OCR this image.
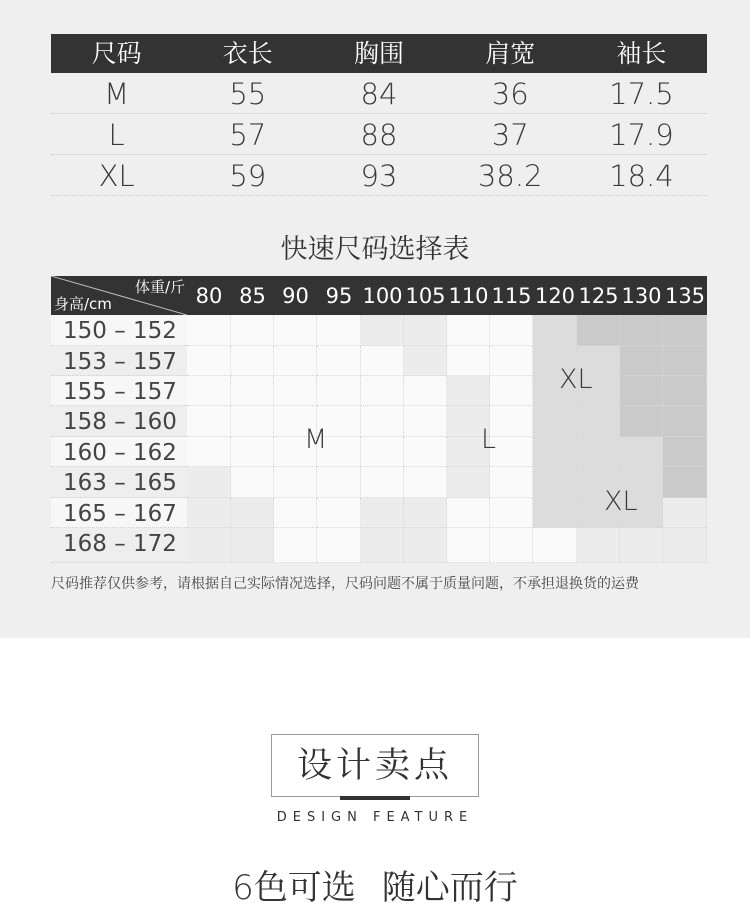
尺码	衣长	胸围	肩宽	袖长
M	55	84	36	17.5
L	57	88	37	17.9
XL	59	93	38.2	18.4
快速尺码选择表
体重/斤
身高/cm
M	L
XL
XL
80 85 90 95 100 105 110 115 120 125 130 135
150 – 152
153 – 157
155 – 157
158 – 160
160 – 162
163 – 165
165 – 167
168 – 172
尺码推荐仅供参考，请根据自己实际情况选择，尺码问题不属于质量问题，不承担退换货的运费
设计卖点
DESIGN FEATURE
6色可选 随心而行
